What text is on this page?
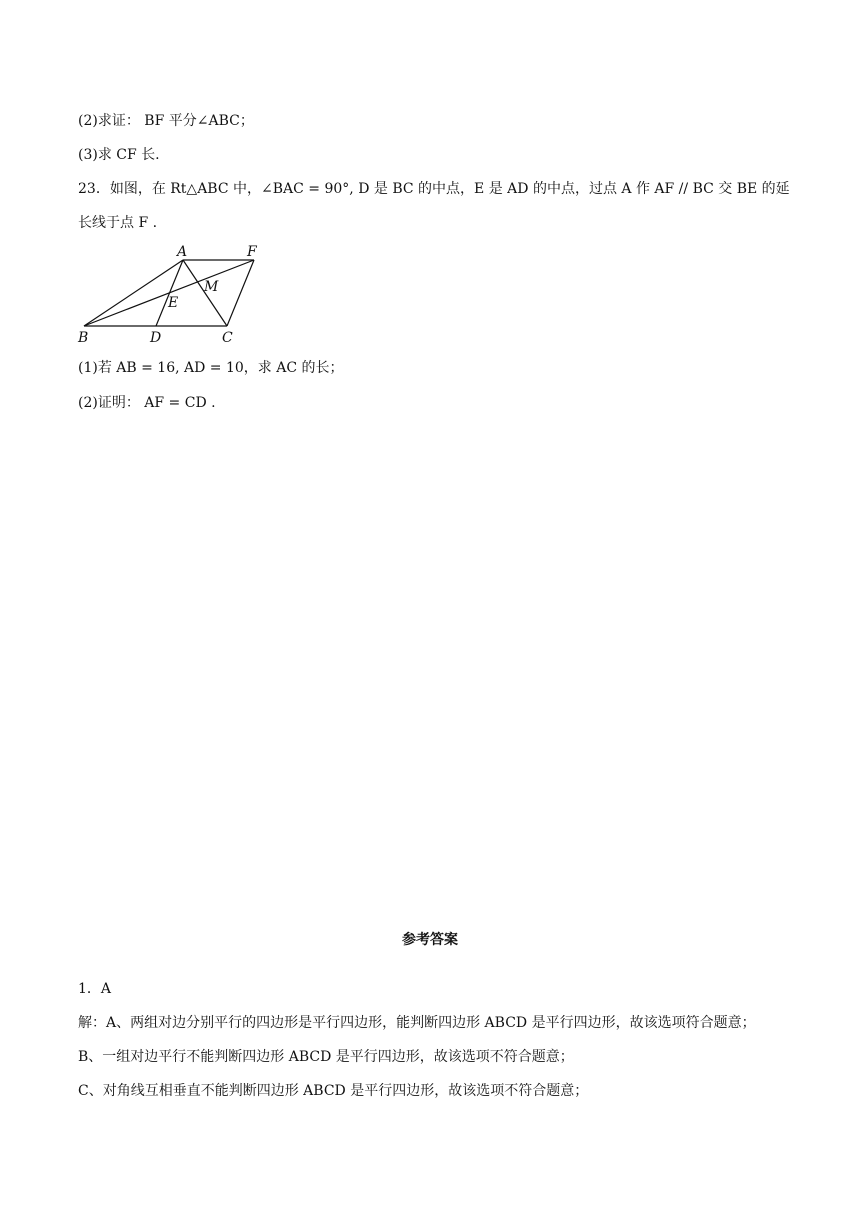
(2)求证： BF 平分∠ABC；
(3)求 CF 长.
23．如图，在 Rt△ABC 中，∠BAC = 90°, D 是 BC 的中点，E 是 AD 的中点，过点 A 作 AF // BC 交 BE 的延
长线于点 F .
A	F
M
E
B	D	C
(1)若 AB = 16, AD = 10，求 AC 的长；
(2)证明： AF = CD .
参考答案
1．A
解：A、两组对边分别平行的四边形是平行四边形，能判断四边形 ABCD 是平行四边形，故该选项符合题意；
B、一组对边平行不能判断四边形 ABCD 是平行四边形，故该选项不符合题意；
C、对角线互相垂直不能判断四边形 ABCD 是平行四边形，故该选项不符合题意；
